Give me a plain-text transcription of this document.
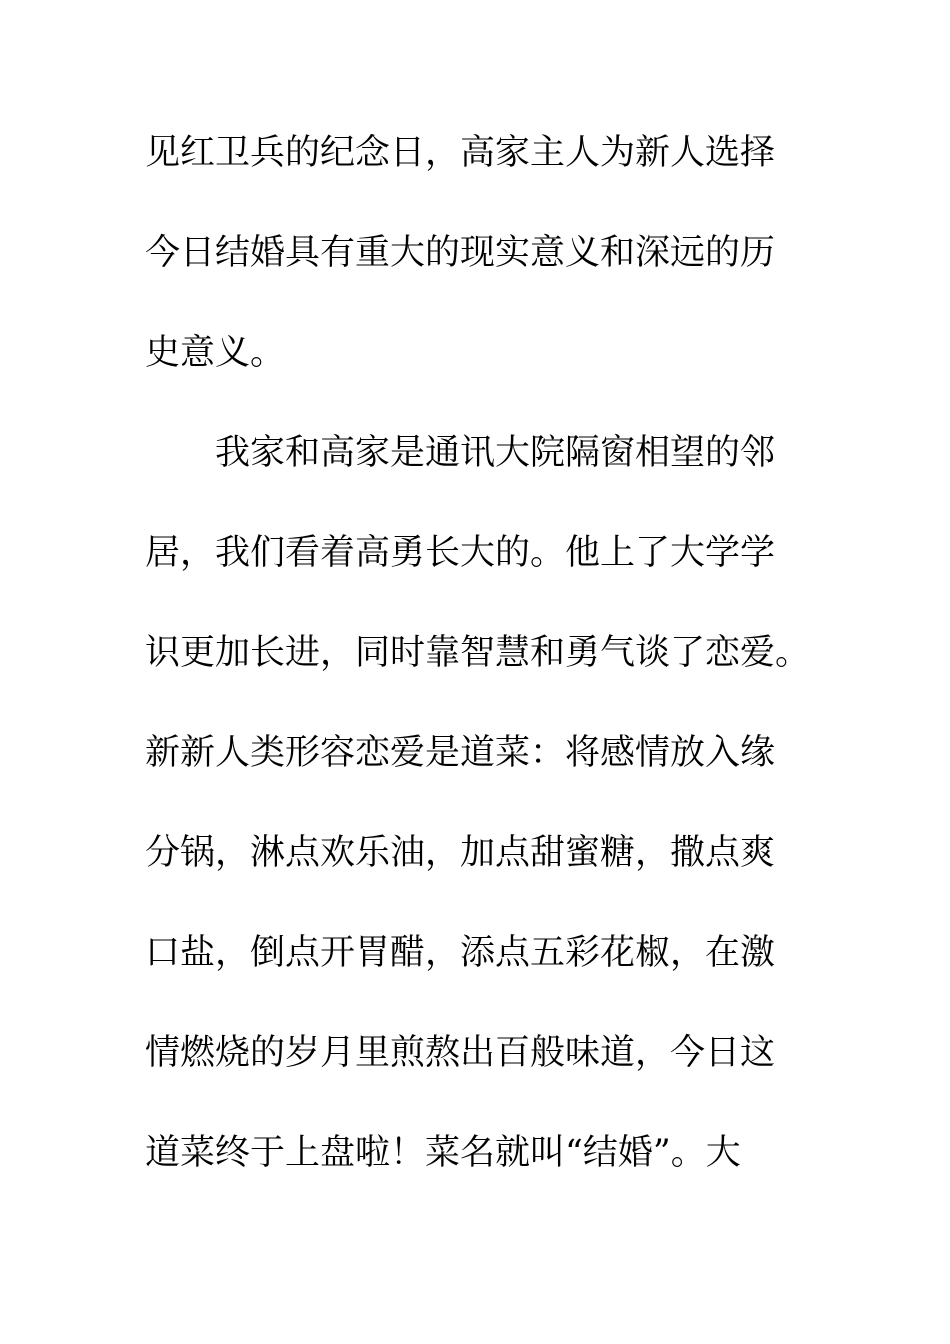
见红卫兵的纪念日，高家主人为新人选择
今日结婚具有重大的现实意义和深远的历
史意义。
我家和高家是通讯大院隔窗相望的邻
居，我们看着高勇长大的。他上了大学学
识更加长进，同时靠智慧和勇气谈了恋爱。
新新人类形容恋爱是道菜：将感情放入缘
分锅，淋点欢乐油，加点甜蜜糖，撒点爽
口盐，倒点开胃醋，添点五彩花椒，在激
情燃烧的岁月里煎熬出百般味道，今日这
道菜终于上盘啦！菜名就叫“结婚”。大
